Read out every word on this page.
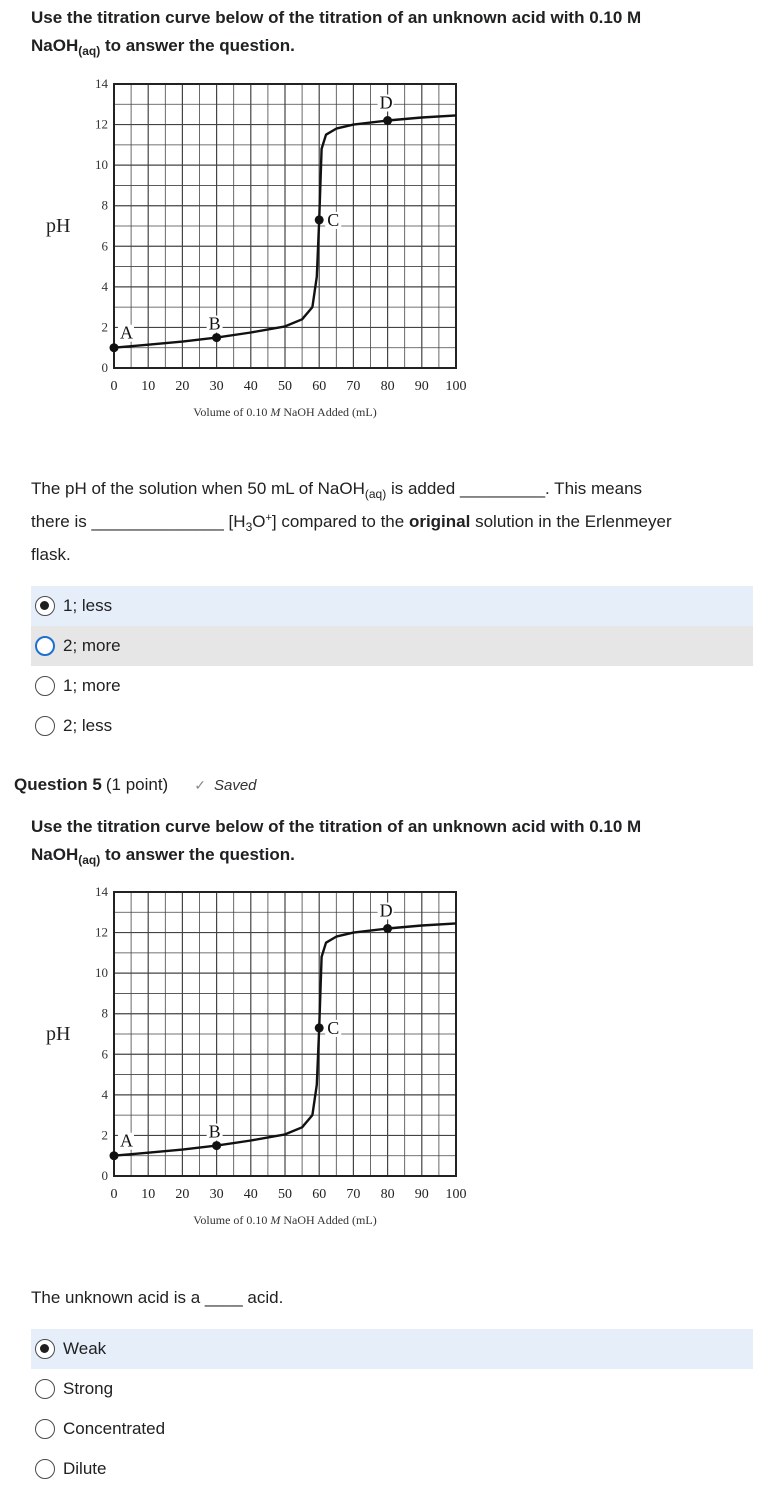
Use the titration curve below of the titration of an unknown acid with 0.10 M
NaOH$_{(aq)}$ to answer the question.
0
2
4
6
8
10
12
14
0 10 20 30 40 50 60 70 80 90 100
pH
Volume of 0.10 M NaOH Added (mL)
A	B
C
D
The pH of the solution when 50 mL of NaOH$_{(aq)}$ is added _________. This means
there is ______________ $[H_3O^+]$ compared to the original solution in the Erlenmeyer
flask.
1; less
2; more
1; more
2; less
Question 5 (1 point) ✓ Saved
Use the titration curve below of the titration of an unknown acid with 0.10 M
NaOH$_{(aq)}$ to answer the question.
0
2
4
6
8
10
12
14
0 10 20 30 40 50 60 70 80 90 100
pH
Volume of 0.10 M NaOH Added (mL)
A	B
C
D
The unknown acid is a ____ acid.
Weak
Strong
Concentrated
Dilute
